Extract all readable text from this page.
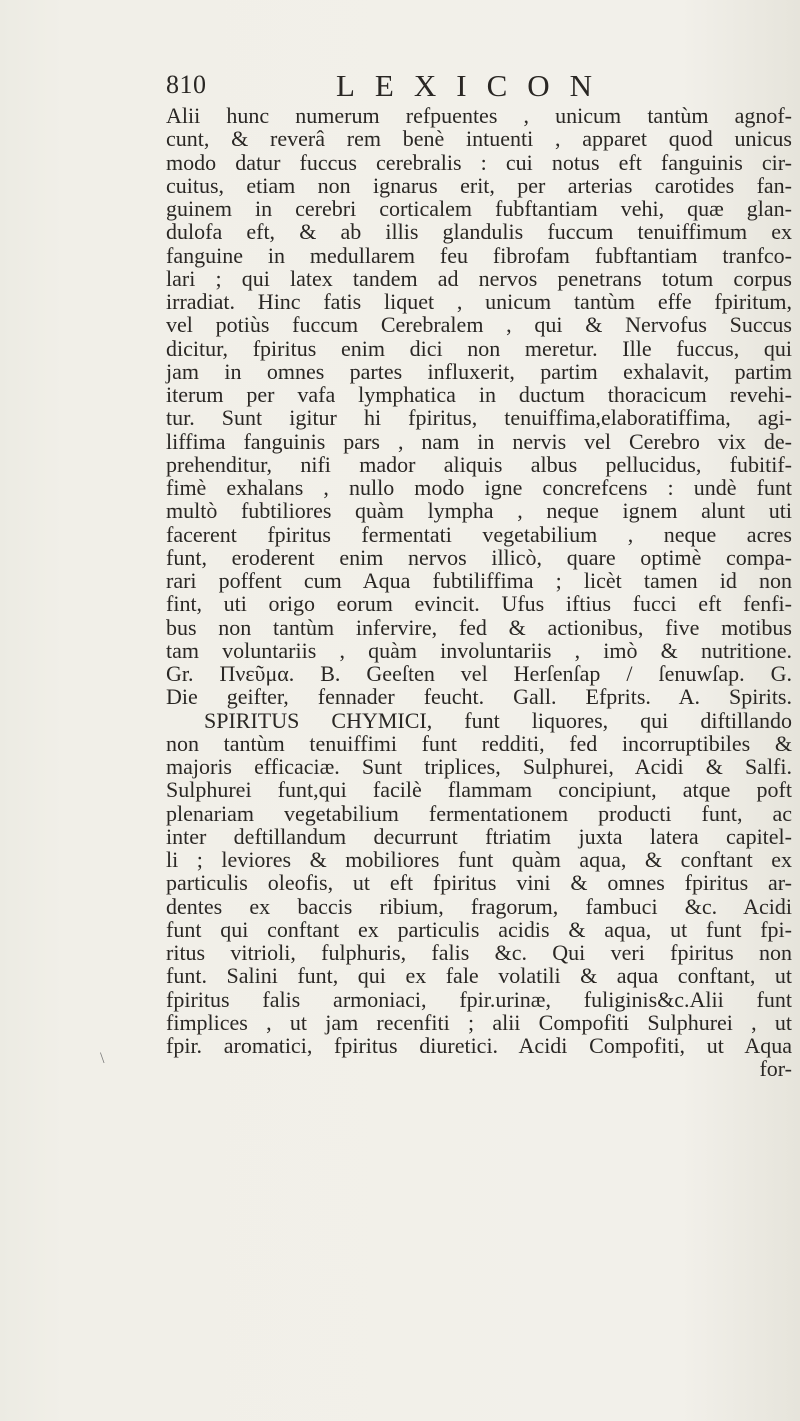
810	LEXICON
Alii hunc numerum refpuentes , unicum tantùm agnof-
cunt, & reverâ rem benè intuenti , apparet quod unicus
modo datur fuccus cerebralis : cui notus eft fanguinis cir-
cuitus, etiam non ignarus erit, per arterias carotides fan-
guinem in cerebri corticalem fubftantiam vehi, quæ glan-
dulofa eft, & ab illis glandulis fuccum tenuiffimum ex
fanguine in medullarem feu fibrofam fubftantiam tranfco-
lari ; qui latex tandem ad nervos penetrans totum corpus
irradiat. Hinc fatis liquet , unicum tantùm effe fpiritum,
vel potiùs fuccum Cerebralem , qui & Nervofus Succus
dicitur, fpiritus enim dici non meretur. Ille fuccus, qui
jam in omnes partes influxerit, partim exhalavit, partim
iterum per vafa lymphatica in ductum thoracicum revehi-
tur. Sunt igitur hi fpiritus, tenuiffima,elaboratiffima, agi-
liffima fanguinis pars , nam in nervis vel Cerebro vix de-
prehenditur, nifi mador aliquis albus pellucidus, fubitif-
fimè exhalans , nullo modo igne concrefcens : undè funt
multò fubtiliores quàm lympha , neque ignem alunt uti
facerent fpiritus fermentati vegetabilium , neque acres
funt, eroderent enim nervos illicò, quare optimè compa-
rari poffent cum Aqua fubtiliffima ; licèt tamen id non
fint, uti origo eorum evincit. Ufus iftius fucci eft fenfi-
bus non tantùm infervire, fed & actionibus, five motibus
tam voluntariis , quàm involuntariis , imò & nutritione.
Gr. Πνεῦμα. B. Geeſten vel Herſenſap / ſenuwſap. G.
Die geifter, fennader feucht. Gall. Efprits. A. Spirits.
SPIRITUS CHYMICI, funt liquores, qui diftillando
non tantùm tenuiffimi funt redditi, fed incorruptibiles &
majoris efficaciæ. Sunt triplices, Sulphurei, Acidi & Salfi.
Sulphurei funt,qui facilè flammam concipiunt, atque poft
plenariam vegetabilium fermentationem producti funt, ac
inter deftillandum decurrunt ftriatim juxta latera capitel-
li ; leviores & mobiliores funt quàm aqua, & conftant ex
particulis oleofis, ut eft fpiritus vini & omnes fpiritus ar-
dentes ex baccis ribium, fragorum, fambuci &c. Acidi
funt qui conftant ex particulis acidis & aqua, ut funt fpi-
ritus vitrioli, fulphuris, falis &c. Qui veri fpiritus non
funt. Salini funt, qui ex fale volatili & aqua conftant, ut
fpiritus falis armoniaci, fpir.urinæ, fuliginis&c.Alii funt
fimplices , ut jam recenfiti ; alii Compofiti Sulphurei , ut
fpir. aromatici, fpiritus diuretici. Acidi Compofiti, ut Aqua
for-
\
